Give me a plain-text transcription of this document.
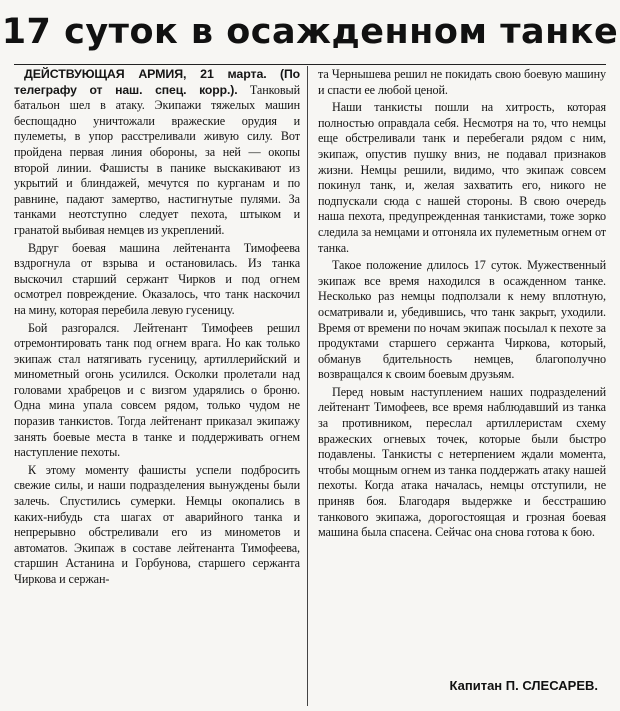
17 суток в осажденном танке

ДЕЙСТВУЮЩАЯ АРМИЯ, 21 марта. (По телеграфу от наш. спец. корр.). Танковый батальон шел в атаку. Экипажи тяжелых машин беспощадно уничтожали вражеские орудия и пулеметы, в упор расстреливали живую силу. Вот пройдена первая линия обороны, за ней — окопы второй линии. Фашисты в панике выскакивают из укрытий и блиндажей, мечутся по курганам и по равнине, падают замертво, настигнутые пулями. За танками неотступно следует пехота, штыком и гранатой выбивая немцев из укреплений.

Вдруг боевая машина лейтенанта Тимофеева вздрогнула от взрыва и остановилась. Из танка выскочил старший сержант Чирков и под огнем осмотрел повреждение. Оказалось, что танк наскочил на мину, которая перебила левую гусеницу.

Бой разгорался. Лейтенант Тимофеев решил отремонтировать танк под огнем врага. Но как только экипаж стал натягивать гусеницу, артиллерийский и минометный огонь усилился. Осколки пролетали над головами храбрецов и с визгом ударялись о броню. Одна мина упала совсем рядом, только чудом не поразив танкистов. Тогда лейтенант приказал экипажу занять боевые места в танке и поддерживать огнем наступление пехоты.

К этому моменту фашисты успели подбросить свежие силы, и наши подразделения вынуждены были залечь. Спустились сумерки. Немцы окопались в каких-нибудь ста шагах от аварийного танка и непрерывно обстреливали его из минометов и автоматов. Экипаж в составе лейтенанта Тимофеева, старшин Астанина и Горбунова, старшего сержанта Чиркова и сержан-

та Чернышева решил не покидать свою боевую машину и спасти ее любой ценой.

Наши танкисты пошли на хитрость, которая полностью оправдала себя. Несмотря на то, что немцы еще обстреливали танк и перебегали рядом с ним, экипаж, опустив пушку вниз, не подавал признаков жизни. Немцы решили, видимо, что экипаж совсем покинул танк, и, желая захватить его, никого не подпускали сюда с нашей стороны. В свою очередь наша пехота, предупрежденная танкистами, тоже зорко следила за немцами и отгоняла их пулеметным огнем от танка.

Такое положение длилось 17 суток. Мужественный экипаж все время находился в осажденном танке. Несколько раз немцы подползали к нему вплотную, осматривали и, убедившись, что танк закрыт, уходили. Время от времени по ночам экипаж посылал к пехоте за продуктами старшего сержанта Чиркова, который, обманув бдительность немцев, благополучно возвращался к своим боевым друзьям.

Перед новым наступлением наших подразделений лейтенант Тимофеев, все время наблюдавший из танка за противником, переслал артиллеристам схему вражеских огневых точек, которые были быстро подавлены. Танкисты с нетерпением ждали момента, чтобы мощным огнем из танка поддержать атаку нашей пехоты. Когда атака началась, немцы отступили, не приняв боя. Благодаря выдержке и бесстрашию танкового экипажа, дорогостоящая и грозная боевая машина была спасена. Сейчас она снова готова к бою.

Капитан П. СЛЕСАРЕВ.
